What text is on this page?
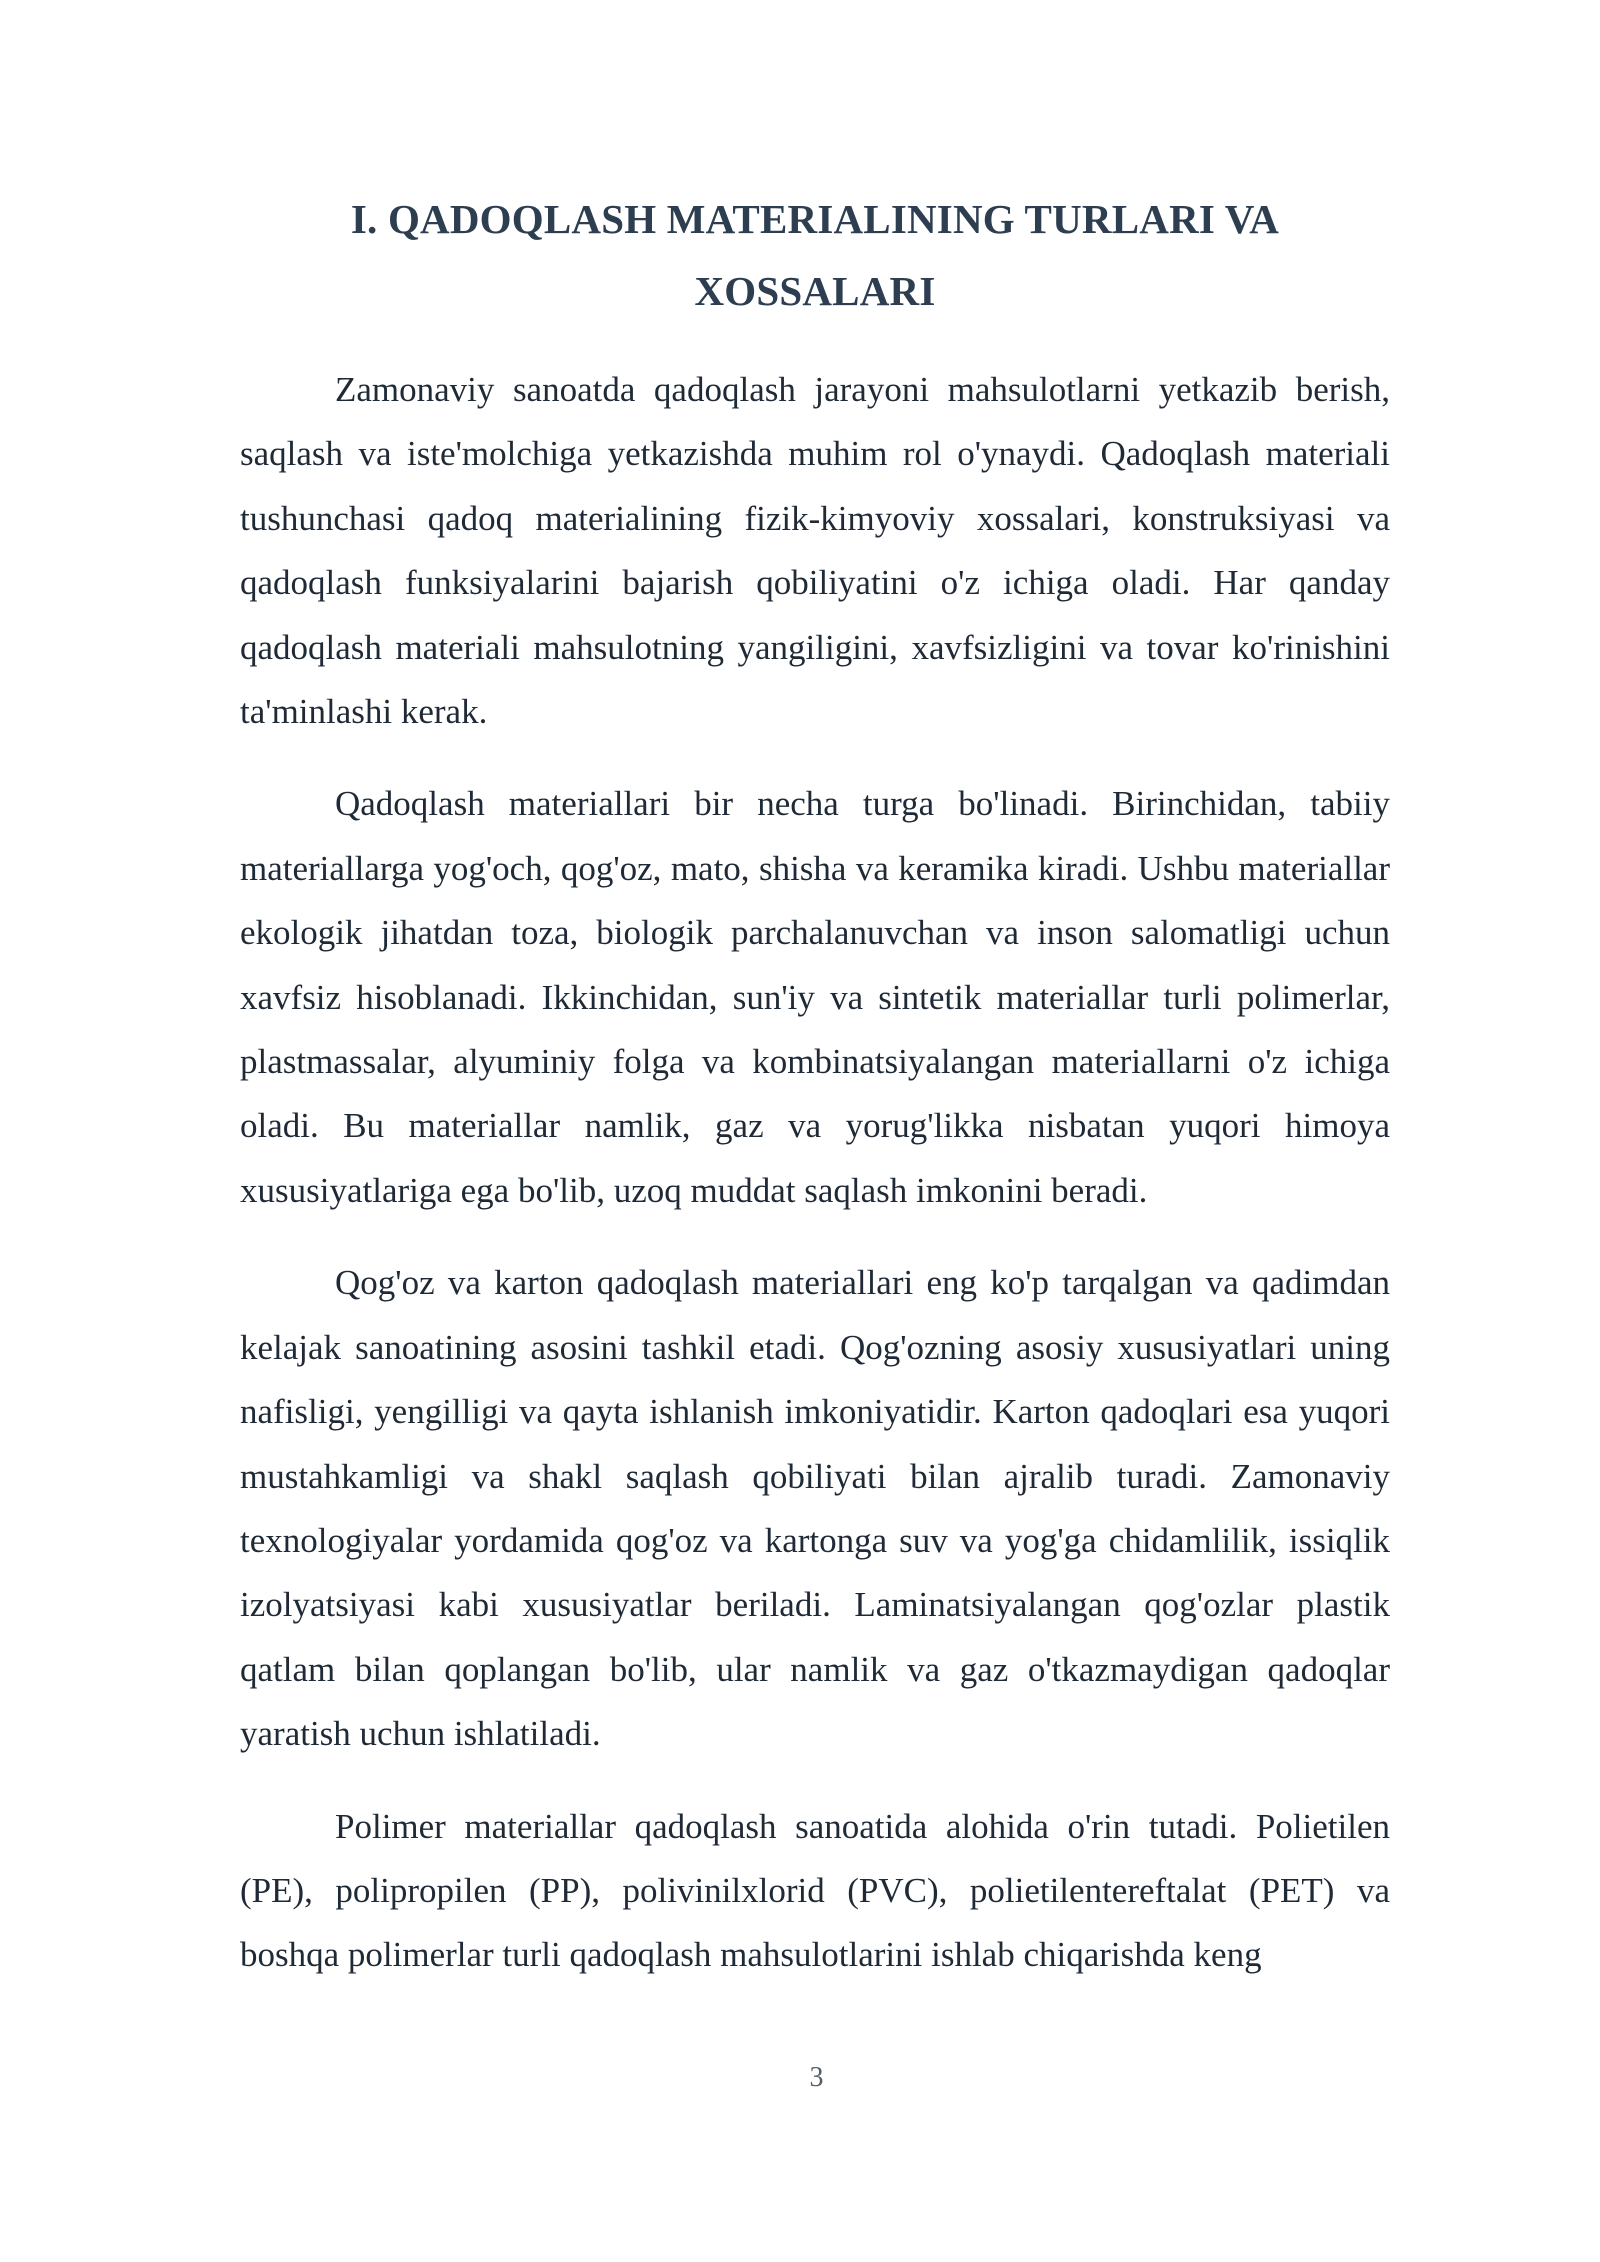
I. QADOQLASH MATERIALINING TURLARI VA
XOSSALARI

Zamonaviy sanoatda qadoqlash jarayoni mahsulotlarni yetkazib berish, saqlash va iste'molchiga yetkazishda muhim rol o'ynaydi. Qadoqlash materiali tushunchasi qadoq materialining fizik-kimyoviy xossalari, konstruksiyasi va qadoqlash funksiyalarini bajarish qobiliyatini o'z ichiga oladi. Har qanday qadoqlash materiali mahsulotning yangiligini, xavfsizligini va tovar ko'rinishini ta'minlashi kerak.

Qadoqlash materiallari bir necha turga bo'linadi. Birinchidan, tabiiy materiallarga yog'och, qog'oz, mato, shisha va keramika kiradi. Ushbu materiallar ekologik jihatdan toza, biologik parchalanuvchan va inson salomatligi uchun xavfsiz hisoblanadi. Ikkinchidan, sun'iy va sintetik materiallar turli polimerlar, plastmassalar, alyuminiy folga va kombinatsiyalangan materiallarni o'z ichiga oladi. Bu materiallar namlik, gaz va yorug'likka nisbatan yuqori himoya xususiyatlariga ega bo'lib, uzoq muddat saqlash imkonini beradi.

Qog'oz va karton qadoqlash materiallari eng ko'p tarqalgan va qadimdan kelajak sanoatining asosini tashkil etadi. Qog'ozning asosiy xususiyatlari uning nafisligi, yengilligi va qayta ishlanish imkoniyatidir. Karton qadoqlari esa yuqori mustahkamligi va shakl saqlash qobiliyati bilan ajralib turadi. Zamonaviy texnologiyalar yordamida qog'oz va kartonga suv va yog'ga chidamlilik, issiqlik izolyatsiyasi kabi xususiyatlar beriladi. Laminatsiyalangan qog'ozlar plastik qatlam bilan qoplangan bo'lib, ular namlik va gaz o'tkazmaydigan qadoqlar yaratish uchun ishlatiladi.

Polimer materiallar qadoqlash sanoatida alohida o'rin tutadi. Polietilen (PE), polipropilen (PP), polivinilxlorid (PVC), polietilentereftalat (PET) va boshqa polimerlar turli qadoqlash mahsulotlarini ishlab chiqarishda keng

3
